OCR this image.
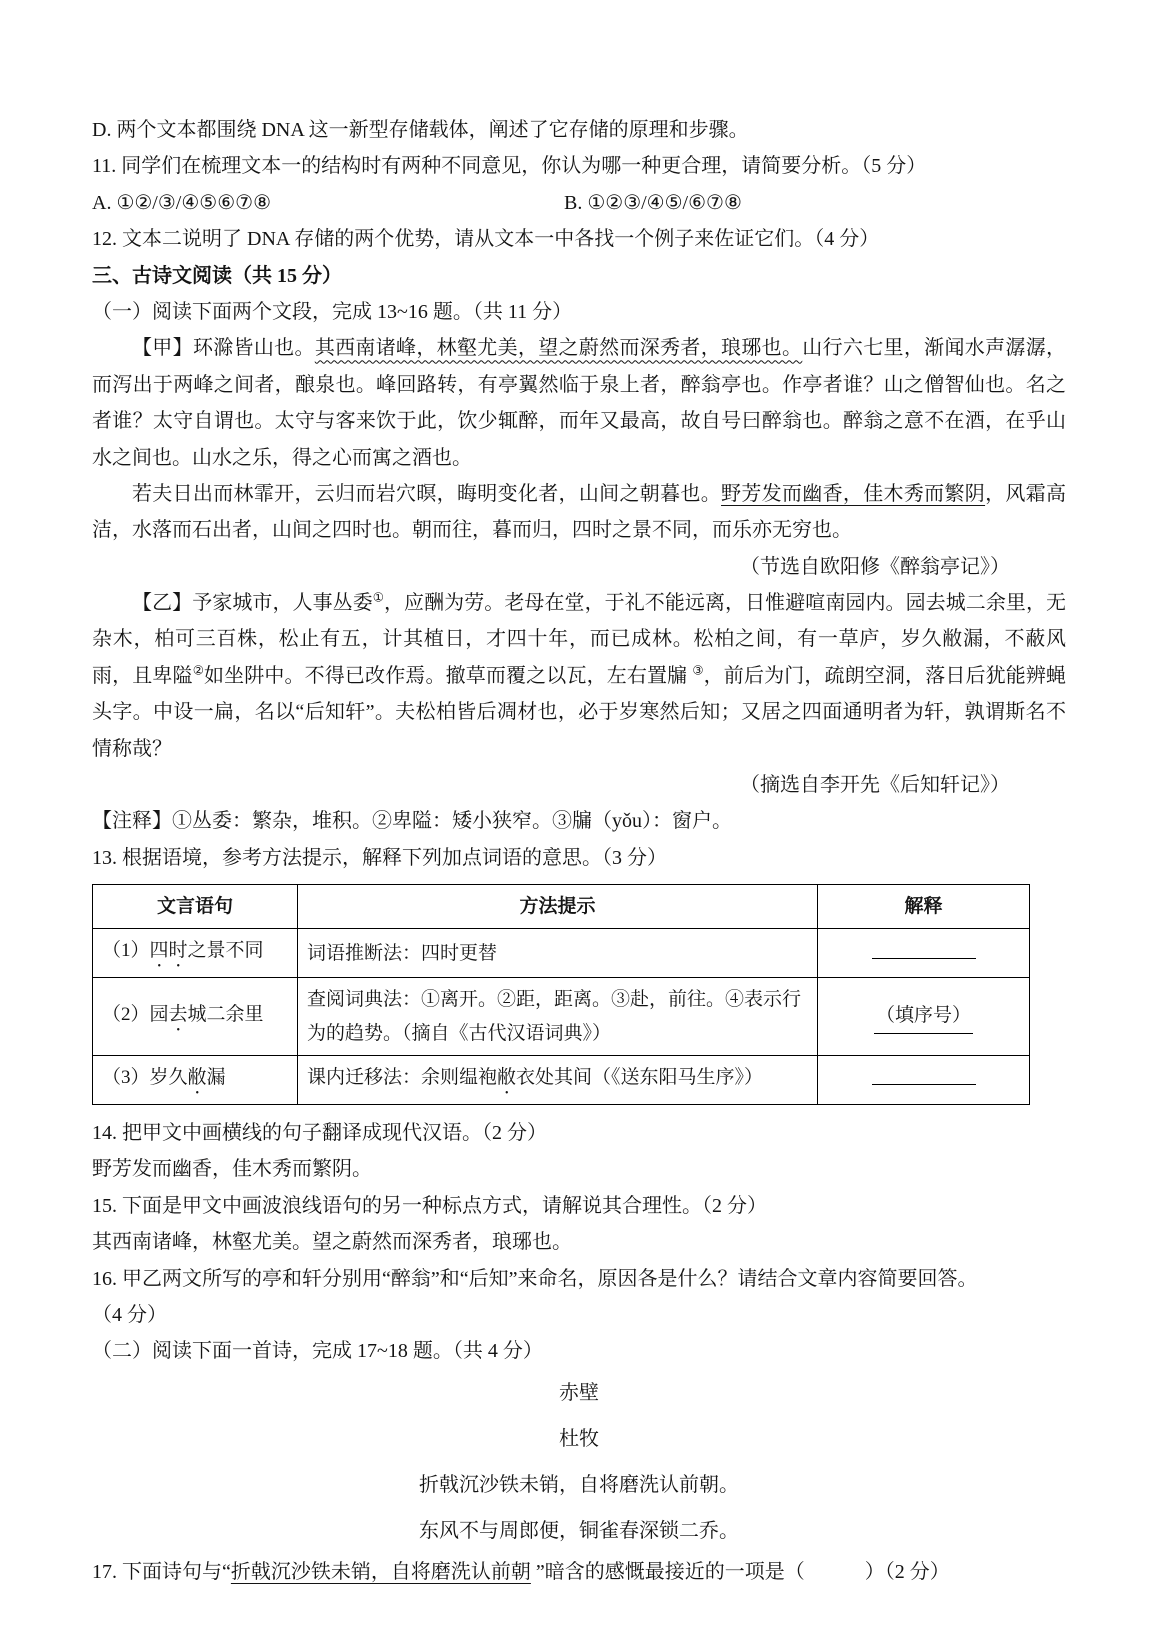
D. 两个文本都围绕 DNA 这一新型存储载体，阐述了它存储的原理和步骤。

11. 同学们在梳理文本一的结构时有两种不同意见，你认为哪一种更合理，请简要分析。（5 分）

A. ①②/③/④⑤⑥⑦⑧	B. ①②③/④⑤/⑥⑦⑧

12. 文本二说明了 DNA 存储的两个优势，请从文本一中各找一个例子来佐证它们。（4 分）

三、古诗文阅读（共 15 分）

（一）阅读下面两个文段，完成 13~16 题。（共 11 分）

【甲】环滁皆山也。其西南诸峰，林壑尤美，望之蔚然而深秀者，琅琊也。山行六七里，渐闻水声潺潺，而泻出于两峰之间者，酿泉也。峰回路转，有亭翼然临于泉上者，醉翁亭也。作亭者谁？山之僧智仙也。名之者谁？太守自谓也。太守与客来饮于此，饮少辄醉，而年又最高，故自号曰醉翁也。醉翁之意不在酒，在乎山水之间也。山水之乐，得之心而寓之酒也。

若夫日出而林霏开，云归而岩穴暝，晦明变化者，山间之朝暮也。野芳发而幽香，佳木秀而繁阴，风霜高洁，水落而石出者，山间之四时也。朝而往，暮而归，四时之景不同，而乐亦无穷也。

（节选自欧阳修《醉翁亭记》）

【乙】予家城市，人事丛委①，应酬为劳。老母在堂，于礼不能远离，日惟避喧南园内。园去城二余里，无杂木，柏可三百株，松止有五，计其植日，才四十年，而已成林。松柏之间，有一草庐，岁久敝漏，不蔽风雨，且卑隘②如坐阱中。不得已改作焉。撤草而覆之以瓦，左右置牖 ③，前后为门，疏朗空洞，落日后犹能辨蝇头字。中设一扁，名以“后知轩”。夫松柏皆后凋材也，必于岁寒然后知；又居之四面通明者为轩，孰谓斯名不情称哉？

（摘选自李开先《后知轩记》）

【注释】①丛委：繁杂，堆积。②卑隘：矮小狭窄。③牖（yǒu）：窗户。

13. 根据语境，参考方法提示，解释下列加点词语的意思。（3 分）

文言语句	方法提示	解释
（1）四时之景不同	词语推断法：四时更替	
（2）园去城二余里	查阅词典法：①离开。②距，距离。③赴，前往。④表示行为的趋势。（摘自《古代汉语词典》）	（填序号）
（3）岁久敝漏	课内迁移法：余则缊袍敝衣处其间（《送东阳马生序》）	

14. 把甲文中画横线的句子翻译成现代汉语。（2 分）

野芳发而幽香，佳木秀而繁阴。

15. 下面是甲文中画波浪线语句的另一种标点方式，请解说其合理性。（2 分）

其西南诸峰，林壑尤美。望之蔚然而深秀者，琅琊也。

16. 甲乙两文所写的亭和轩分别用“醉翁”和“后知”来命名，原因各是什么？请结合文章内容简要回答。

（4 分）

（二）阅读下面一首诗，完成 17~18 题。（共 4 分）

赤壁

杜牧

折戟沉沙铁未销，自将磨洗认前朝。

东风不与周郎便，铜雀春深锁二乔。

17. 下面诗句与“折戟沉沙铁未销，自将磨洗认前朝 ”暗含的感慨最接近的一项是（　　　）（2 分）
